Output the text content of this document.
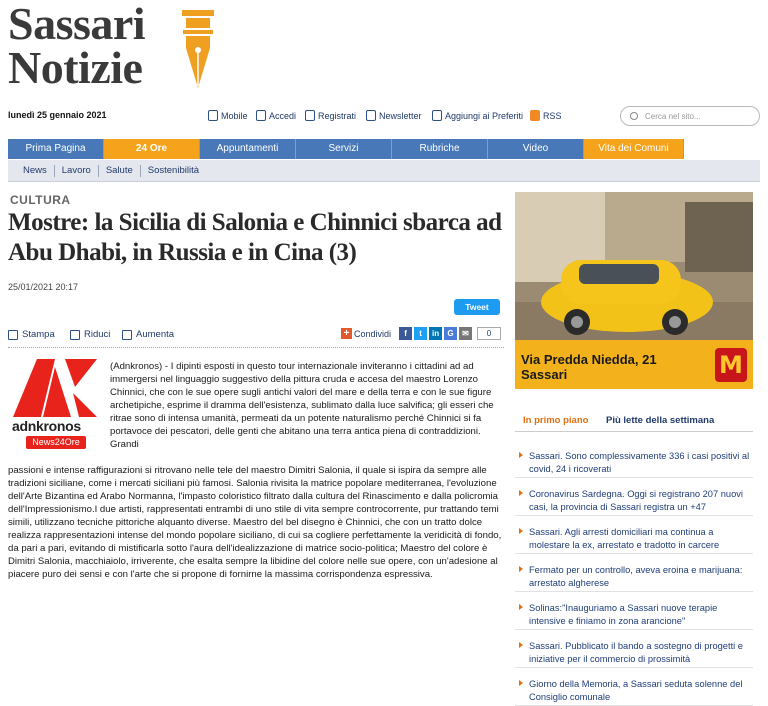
Sassari
Notizie
lunedì 25 gennaio 2021	Mobile Accedi Registrati	Newsletter	Aggiungi ai Preferiti RSS	Cerca nel sito...
Prima Pagina	24 Ore	Appuntamenti	Servizi	Rubriche	Video	Vita dei Comuni
News	Lavoro	Salute	Sostenibilità
CULTURA
Mostre: la Sicilia di Salonia e Chinnici sbarca ad Abu Dhabi, in Russia e in Cina (3)
25/01/2021 20:17
Tweet
Stampa	Riduci	Aumenta	+ Condividi	f	t	in	G	✉	0
adnkronos
News24Ore

(Adnkronos) - I dipinti esposti in questo tour internazionale inviteranno i cittadini ad ad immergersi nel linguaggio suggestivo della pittura cruda e accesa del maestro Lorenzo Chinnici, che con le sue opere sugli antichi valori del mare e della terra e con le sue figure archetipiche, esprime il dramma dell'esistenza, sublimato dalla luce salvifica; gli esseri che ritrae sono di intensa umanità, permeati da un potente naturalismo perché Chinnici si fa portavoce dei pescatori, delle genti che abitano una terra antica piena di contraddizioni. Grandi

passioni e intense raffigurazioni si ritrovano nelle tele del maestro Dimitri Salonia, il quale si ispira da sempre alle tradizioni siciliane, come i mercati siciliani più famosi. Salonia rivisita la matrice popolare mediterranea, l'evoluzione dell'Arte Bizantina ed Arabo Normanna, l'impasto coloristico filtrato dalla cultura del Rinascimento e dalla policromia dell'Impressionismo.I due artisti, rappresentati entrambi di uno stile di vita sempre controcorrente, pur trattando temi simili, utilizzano tecniche pittoriche alquanto diverse. Maestro del bel disegno è Chinnici, che con un tratto dolce realizza rappresentazioni intense del mondo popolare siciliano, di cui sa cogliere perfettamente la veridicità di fondo, da pari a pari, evitando di mistificarla sotto l'aura dell'idealizzazione di matrice socio-politica; Maestro del colore è Dimitri Salonia, macchiaiolo, irriverente, che esalta sempre la libidine del colore nelle sue opere, con un'adesione al piacere puro dei sensi e con l'arte che si propone di fornirne la massima corrispondenza espressiva.

Via Predda Niedda, 21
Sassari	M
In primo piano Più lette della settimana
Sassari. Sono complessivamente 336 i casi positivi al covid, 24 i ricoverati
Coronavirus Sardegna. Oggi si registrano 207 nuovi casi, la provincia di Sassari registra un +47
Sassari. Agli arresti domiciliari ma continua a molestare la ex, arrestato e tradotto in carcere
Fermato per un controllo, aveva eroina e marijuana: arrestato algherese
Solinas:"Inauguriamo a Sassari nuove terapie intensive e finiamo in zona arancione"
Sassari. Pubblicato il bando a sostegno di progetti e iniziative per il commercio di prossimità
Giorno della Memoria, a Sassari seduta solenne del Consiglio comunale
